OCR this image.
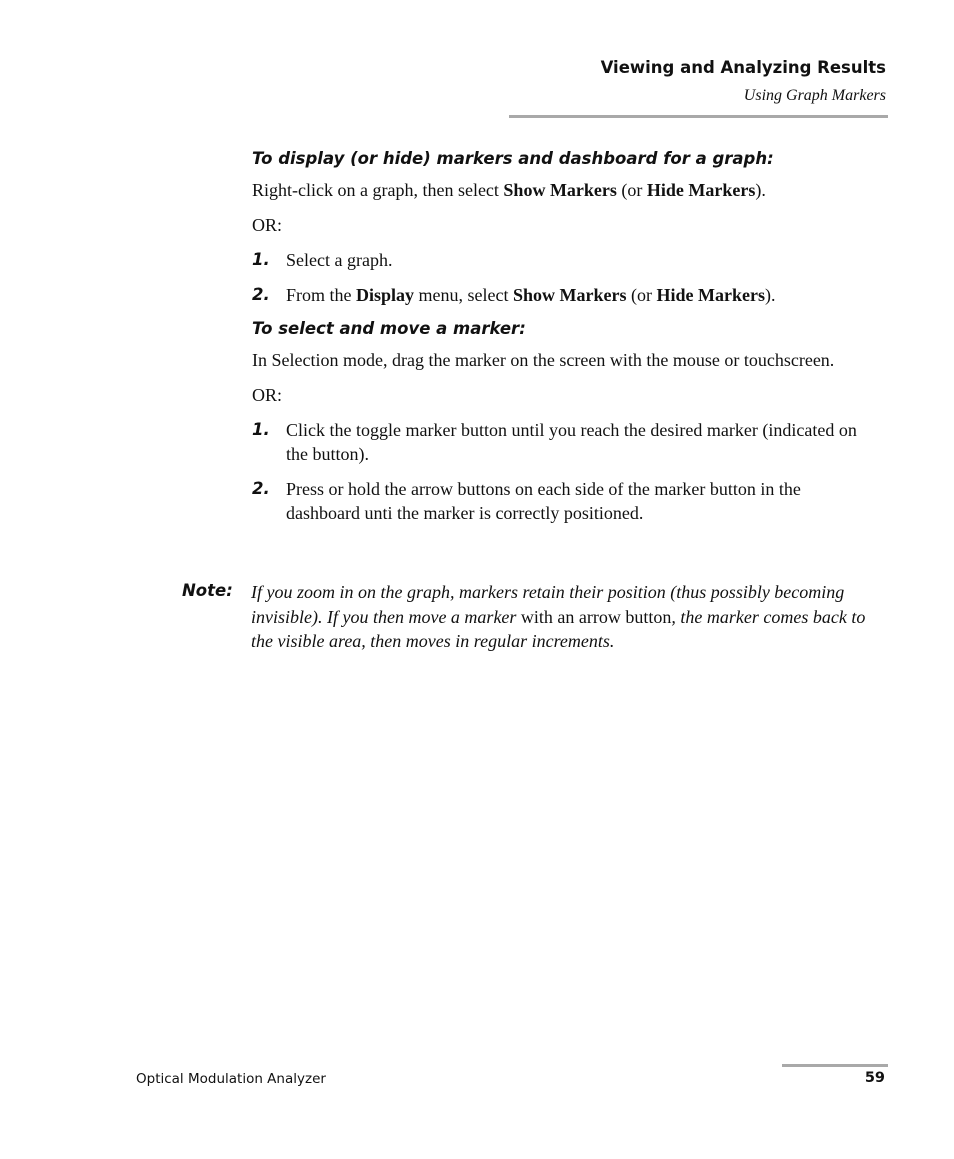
Viewing and Analyzing Results
Using Graph Markers
To display (or hide) markers and dashboard for a graph:

Right-click on a graph, then select Show Markers (or Hide Markers).

OR:

1. Select a graph.
2. From the Display menu, select Show Markers (or Hide Markers).
To select and move a marker:

In Selection mode, drag the marker on the screen with the mouse or touchscreen.

OR:

1. Click the toggle marker button until you reach the desired marker (indicated on the button).
2. Press or hold the arrow buttons on each side of the marker button in the dashboard unti the marker is correctly positioned.
Note: If you zoom in on the graph, markers retain their position (thus possibly becoming invisible). If you then move a marker with an arrow button, the marker comes back to the visible area, then moves in regular increments.
Optical Modulation Analyzer	59
